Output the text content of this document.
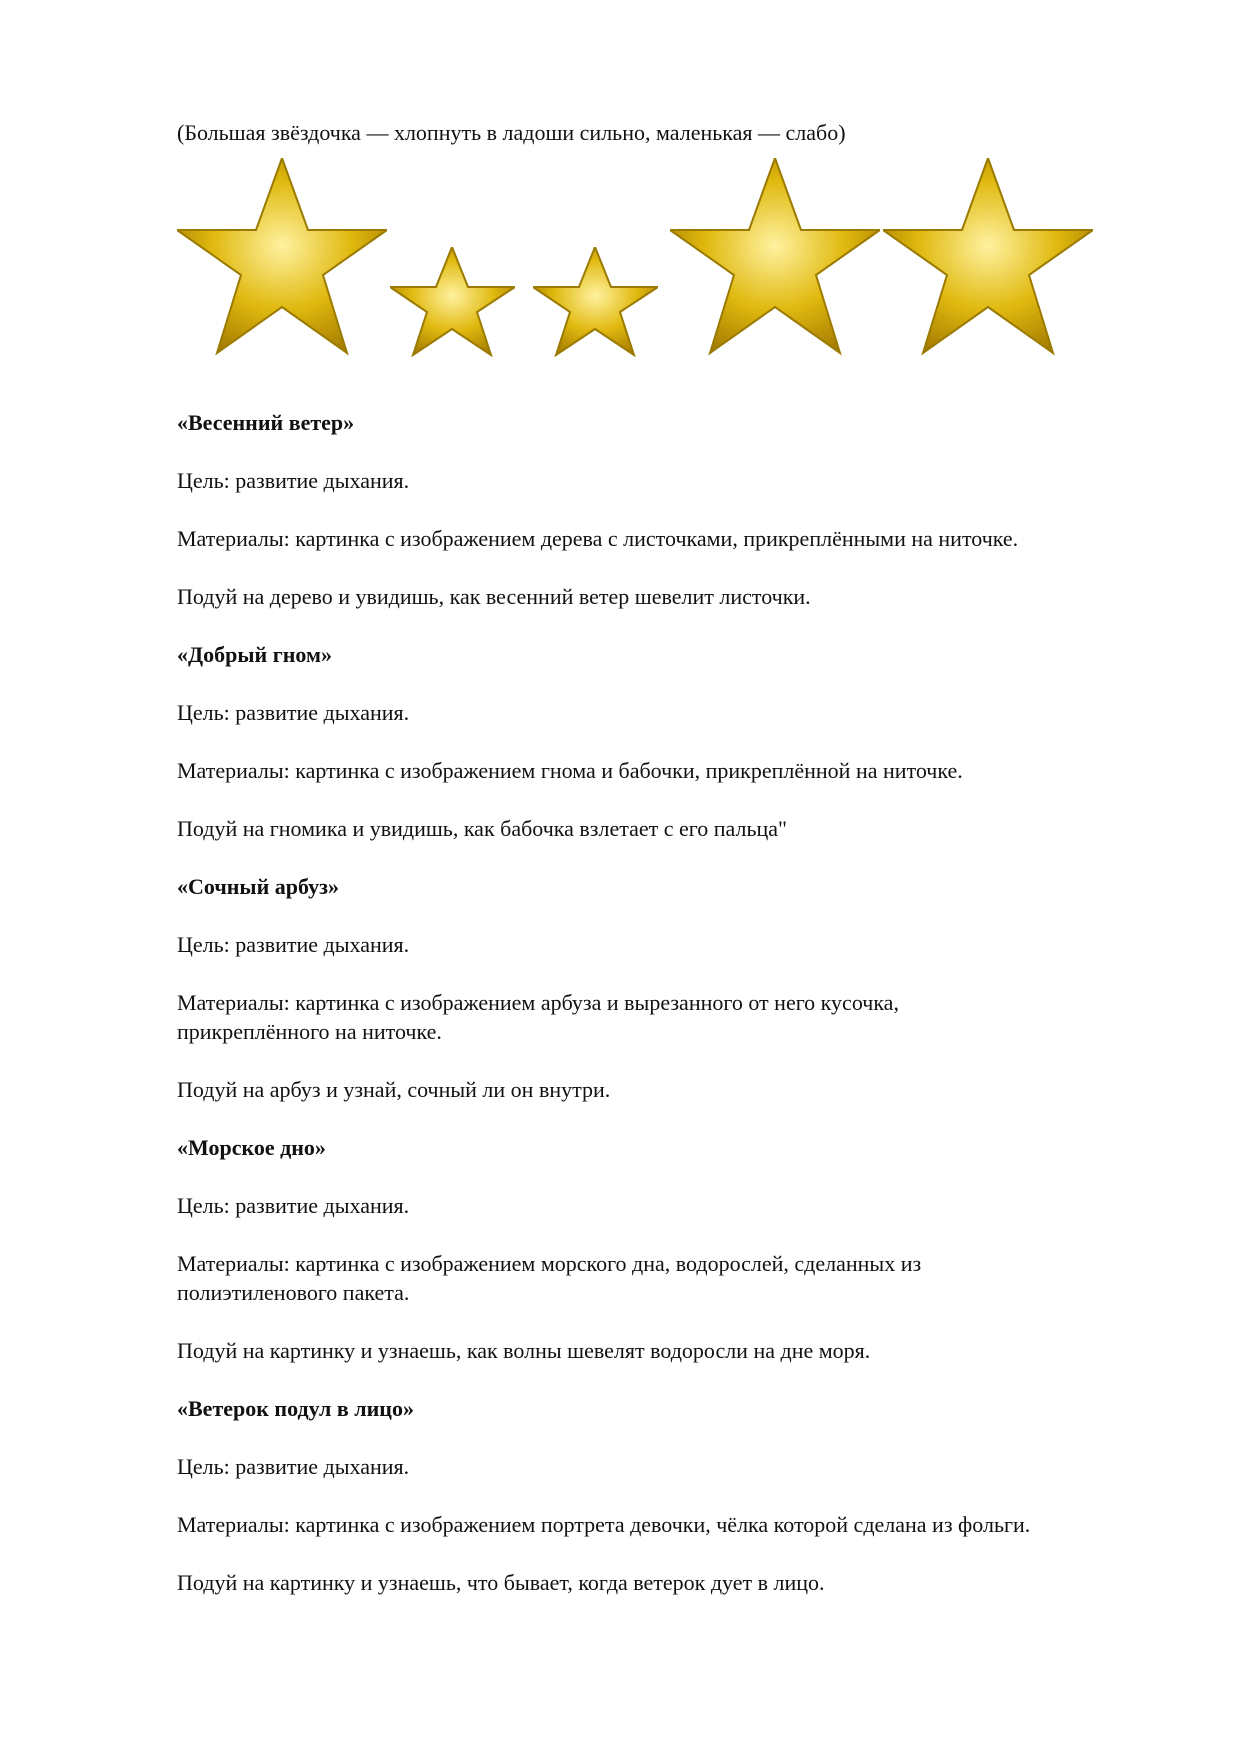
(Большая звёздочка — хлопнуть в ладоши сильно, маленькая — слабо)

«Весенний ветер»

Цель: развитие дыхания.

Материалы: картинка с изображением дерева с листочками, прикреплёнными на ниточке.

Подуй на дерево и увидишь, как весенний ветер шевелит листочки.

«Добрый гном»

Цель: развитие дыхания.

Материалы: картинка с изображением гнома и бабочки, прикреплённой на ниточке.

Подуй на гномика и увидишь, как бабочка взлетает с его пальца"

«Сочный арбуз»

Цель: развитие дыхания.

Материалы: картинка с изображением арбуза и вырезанного от него кусочка, прикреплённого на ниточке.

Подуй на арбуз и узнай, сочный ли он внутри.

«Морское дно»

Цель: развитие дыхания.

Материалы: картинка с изображением морского дна, водорослей, сделанных из полиэтиленового пакета.

Подуй на картинку и узнаешь, как волны шевелят водоросли на дне моря.

«Ветерок подул в лицо»

Цель: развитие дыхания.

Материалы: картинка с изображением портрета девочки, чёлка которой сделана из фольги.

Подуй на картинку и узнаешь, что бывает, когда ветерок дует в лицо.
